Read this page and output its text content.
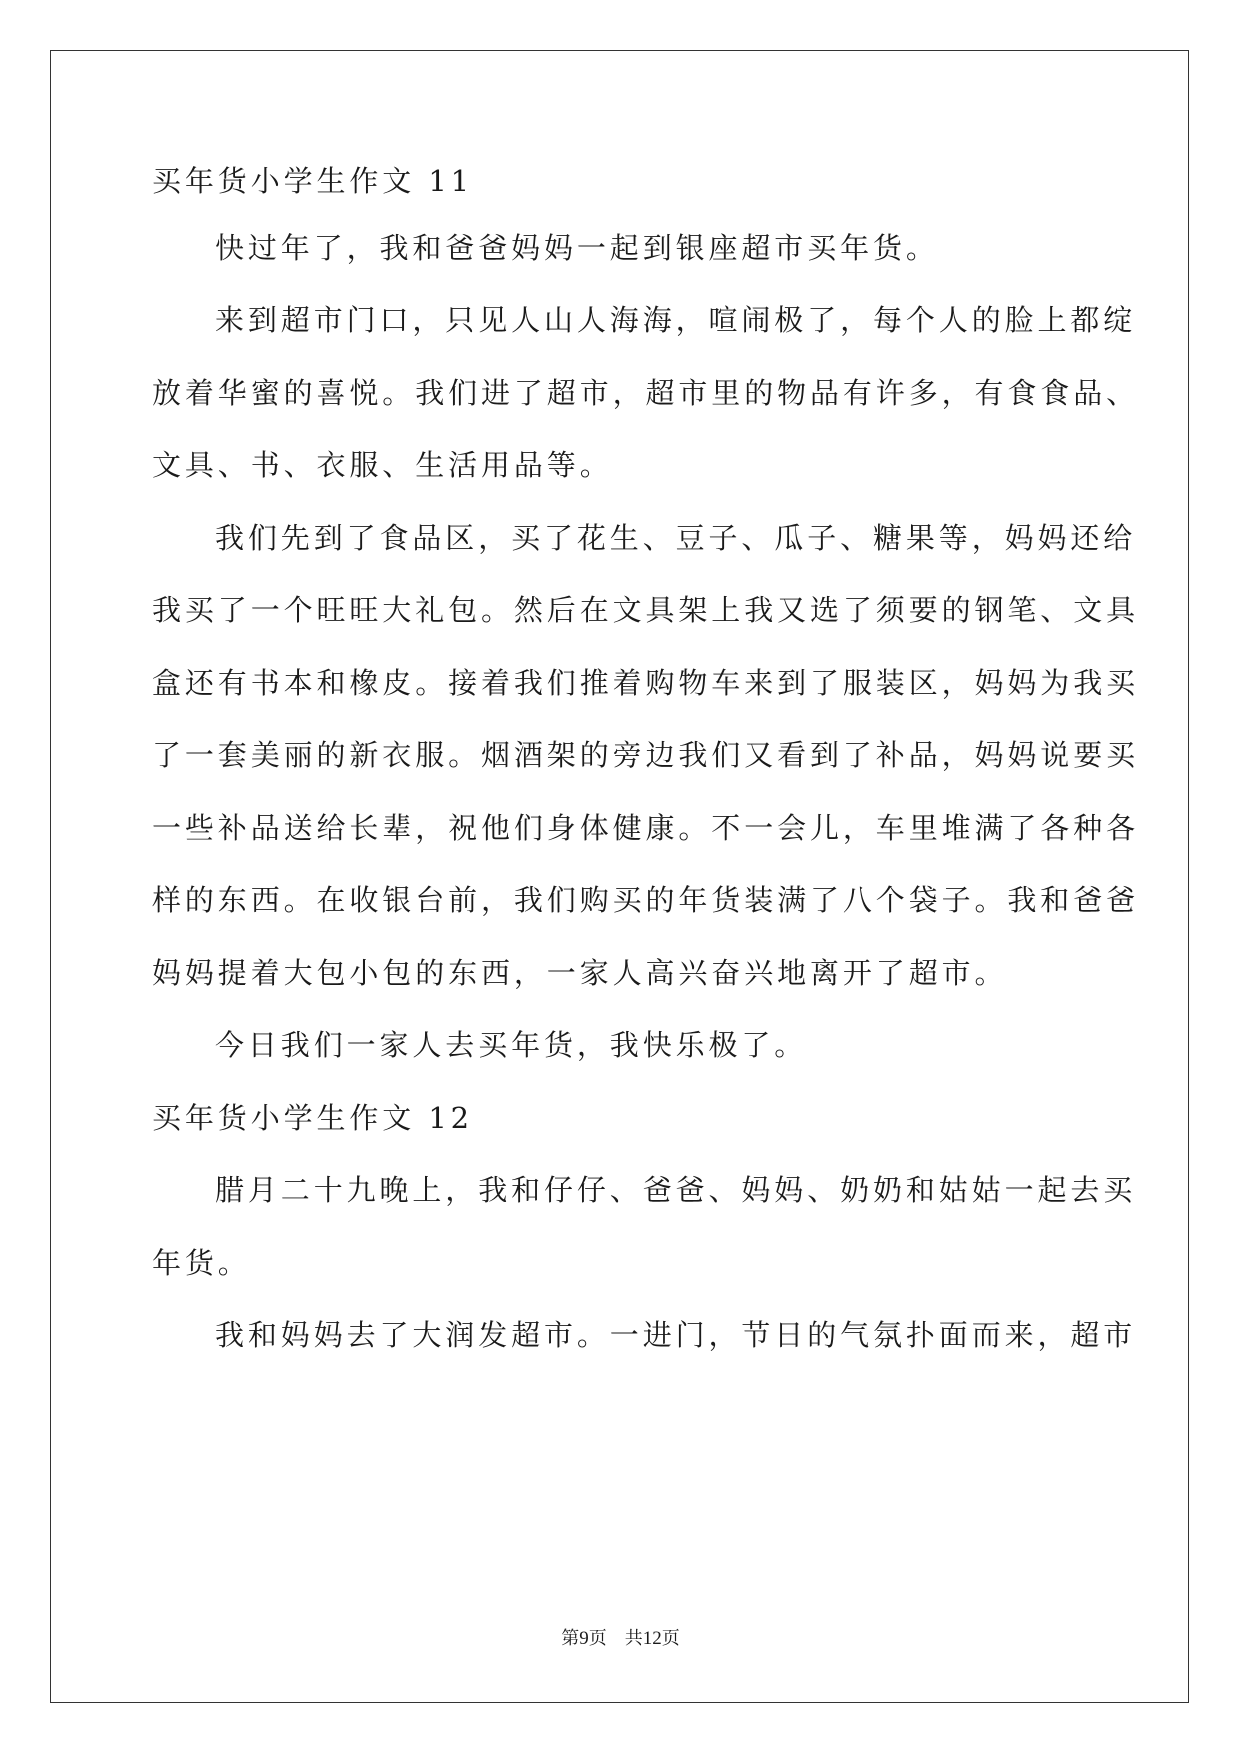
买年货小学生作文 11
快过年了，我和爸爸妈妈一起到银座超市买年货。
来到超市门口，只见人山人海海，喧闹极了，每个人的脸上都绽
放着华蜜的喜悦。我们进了超市，超市里的物品有许多，有食食品、
文具、书、衣服、生活用品等。
我们先到了食品区，买了花生、豆子、瓜子、糖果等，妈妈还给
我买了一个旺旺大礼包。然后在文具架上我又选了须要的钢笔、文具
盒还有书本和橡皮。接着我们推着购物车来到了服装区，妈妈为我买
了一套美丽的新衣服。烟酒架的旁边我们又看到了补品，妈妈说要买
一些补品送给长辈，祝他们身体健康。不一会儿，车里堆满了各种各
样的东西。在收银台前，我们购买的年货装满了八个袋子。我和爸爸
妈妈提着大包小包的东西，一家人高兴奋兴地离开了超市。
今日我们一家人去买年货，我快乐极了。
买年货小学生作文 12
腊月二十九晚上，我和仔仔、爸爸、妈妈、奶奶和姑姑一起去买
年货。
我和妈妈去了大润发超市。一进门，节日的气氛扑面而来，超市
第9页 共12页
